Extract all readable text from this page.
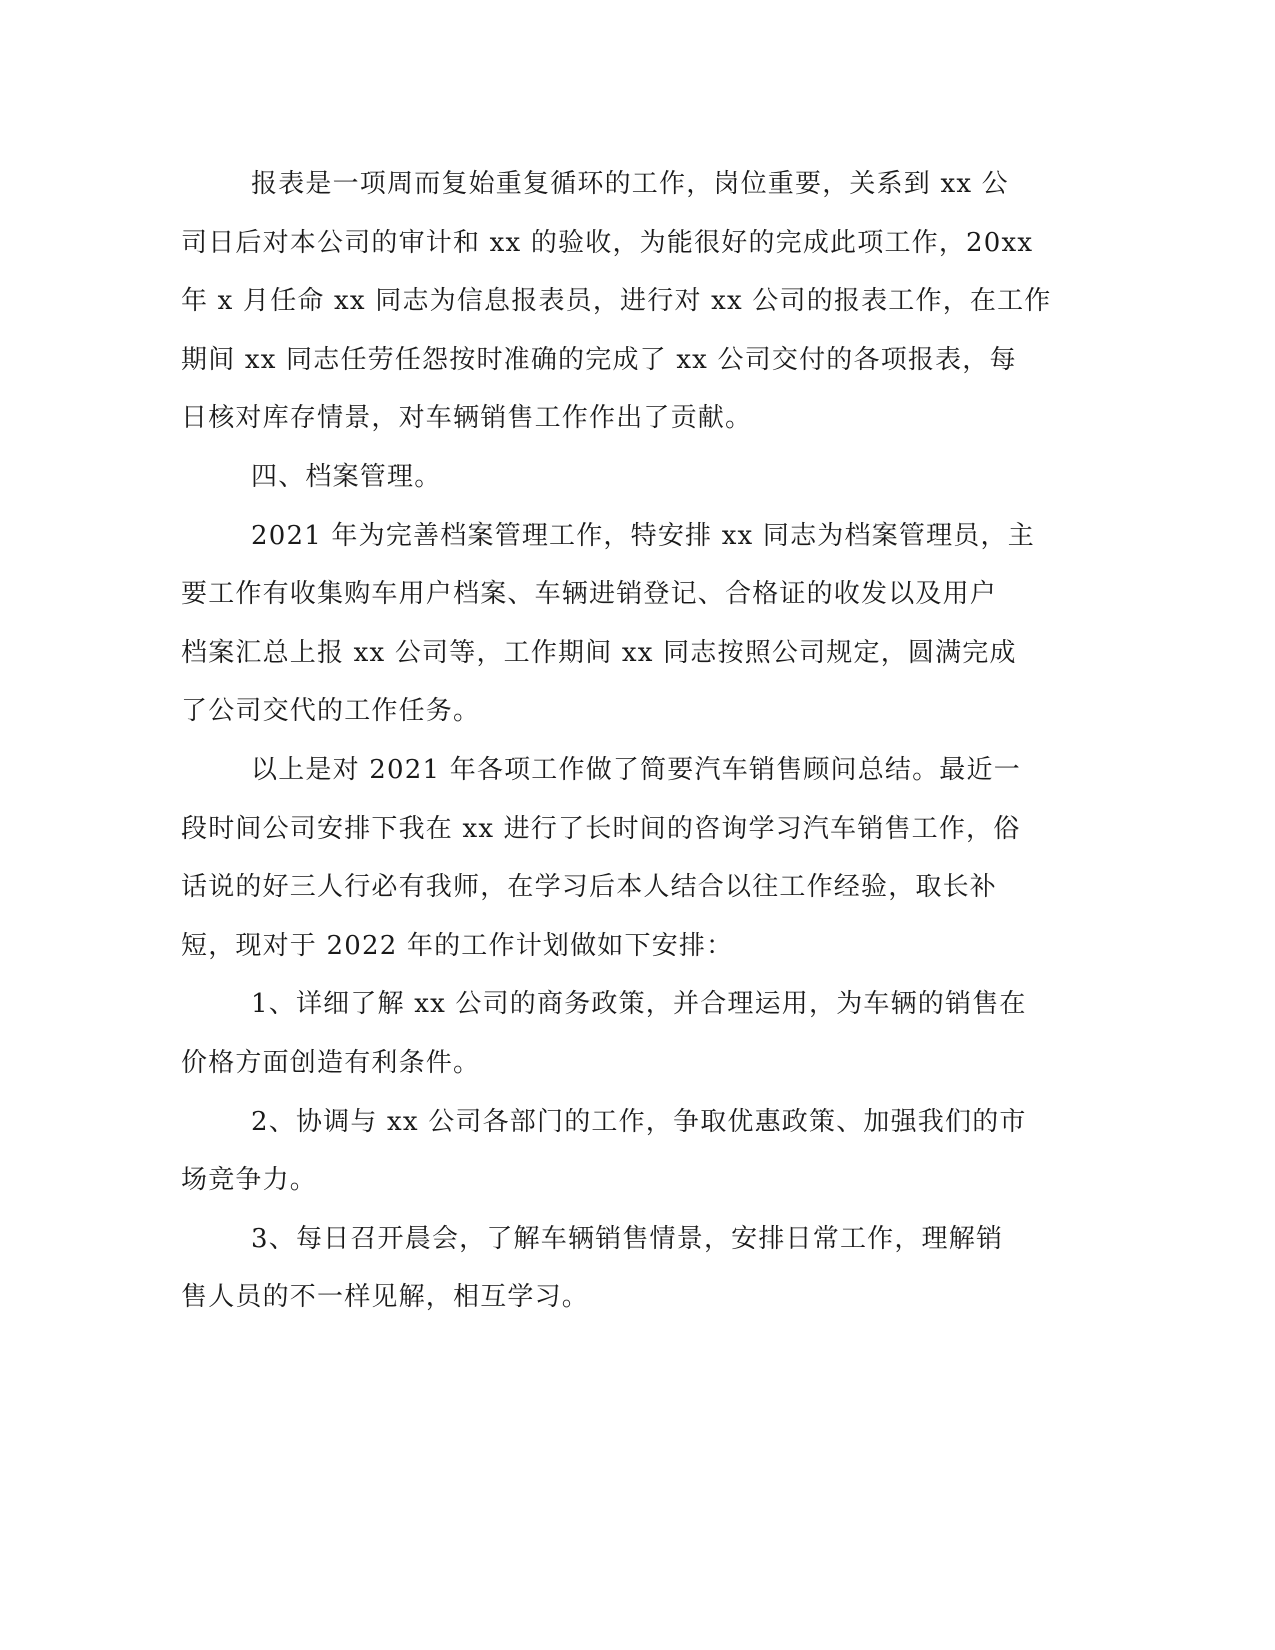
报表是一项周而复始重复循环的工作，岗位重要，关系到 xx 公
司日后对本公司的审计和 xx 的验收，为能很好的完成此项工作，20xx
年 x 月任命 xx 同志为信息报表员，进行对 xx 公司的报表工作，在工作
期间 xx 同志任劳任怨按时准确的完成了 xx 公司交付的各项报表，每
日核对库存情景，对车辆销售工作作出了贡献。

四、档案管理。

2021 年为完善档案管理工作，特安排 xx 同志为档案管理员，主
要工作有收集购车用户档案、车辆进销登记、合格证的收发以及用户
档案汇总上报 xx 公司等，工作期间 xx 同志按照公司规定，圆满完成
了公司交代的工作任务。

以上是对 2021 年各项工作做了简要汽车销售顾问总结。最近一
段时间公司安排下我在 xx 进行了长时间的咨询学习汽车销售工作，俗
话说的好三人行必有我师，在学习后本人结合以往工作经验，取长补
短，现对于 2022 年的工作计划做如下安排：

1、详细了解 xx 公司的商务政策，并合理运用，为车辆的销售在
价格方面创造有利条件。

2、协调与 xx 公司各部门的工作，争取优惠政策、加强我们的市
场竞争力。

3、每日召开晨会，了解车辆销售情景，安排日常工作，理解销
售人员的不一样见解，相互学习。
